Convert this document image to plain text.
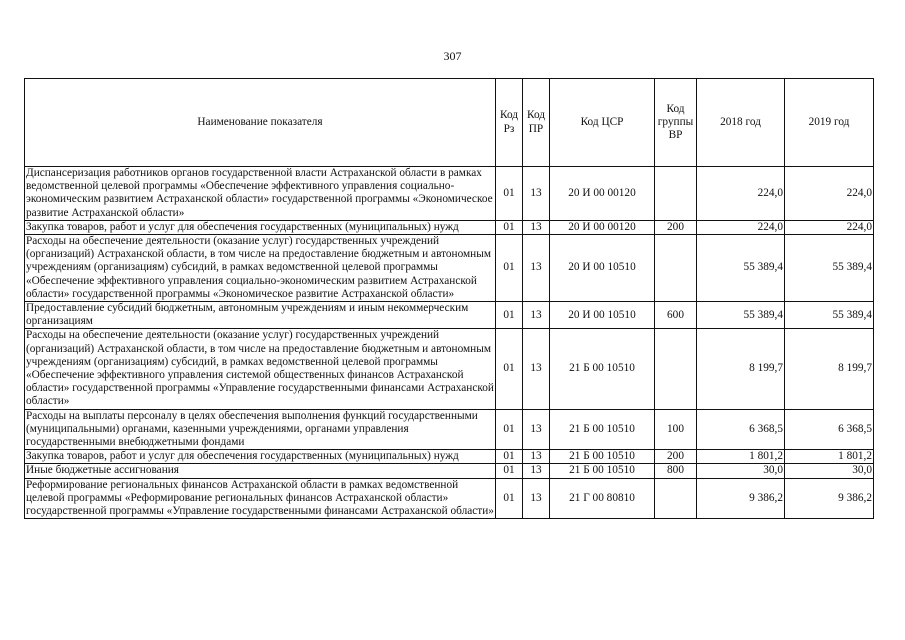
307
Наименование показателя	Код Рз	Код ПР	Код ЦСР	Код группы ВР	2018 год	2019 год
Диспансеризация работников органов государственной власти Астраханской области в рамках ведомственной целевой программы «Обеспечение эффективного управления социально-экономическим развитием Астраханской области» государственной программы «Экономическое развитие Астраханской области»	01	13	20 И 00 00120		224,0	224,0
Закупка товаров, работ и услуг для обеспечения государственных (муниципальных) нужд	01	13	20 И 00 00120	200	224,0	224,0
Расходы на обеспечение деятельности (оказание услуг) государственных учреждений (организаций) Астраханской области, в том числе на предоставление бюджетным и автономным учреждениям (организациям) субсидий, в рамках ведомственной целевой программы «Обеспечение эффективного управления социально-экономическим развитием Астраханской области» государственной программы «Экономическое развитие Астраханской области»	01	13	20 И 00 10510		55 389,4	55 389,4
Предоставление субсидий бюджетным, автономным учреждениям и иным некоммерческим организациям	01	13	20 И 00 10510	600	55 389,4	55 389,4
Расходы на обеспечение деятельности (оказание услуг) государственных учреждений (организаций) Астраханской области, в том числе на предоставление бюджетным и автономным учреждениям (организациям) субсидий, в рамках ведомственной целевой программы «Обеспечение эффективного управления системой общественных финансов Астраханской области» государственной программы «Управление государственными финансами Астраханской области»	01	13	21 Б 00 10510		8 199,7	8 199,7
Расходы на выплаты персоналу в целях обеспечения выполнения функций государственными (муниципальными) органами, казенными учреждениями, органами управления государственными внебюджетными фондами	01	13	21 Б 00 10510	100	6 368,5	6 368,5
Закупка товаров, работ и услуг для обеспечения государственных (муниципальных) нужд	01	13	21 Б 00 10510	200	1 801,2	1 801,2
Иные бюджетные ассигнования	01	13	21 Б 00 10510	800	30,0	30,0
Реформирование региональных финансов Астраханской области в рамках ведомственной целевой программы «Реформирование региональных финансов Астраханской области» государственной программы «Управление государственными финансами Астраханской области»	01	13	21 Г 00 80810		9 386,2	9 386,2
